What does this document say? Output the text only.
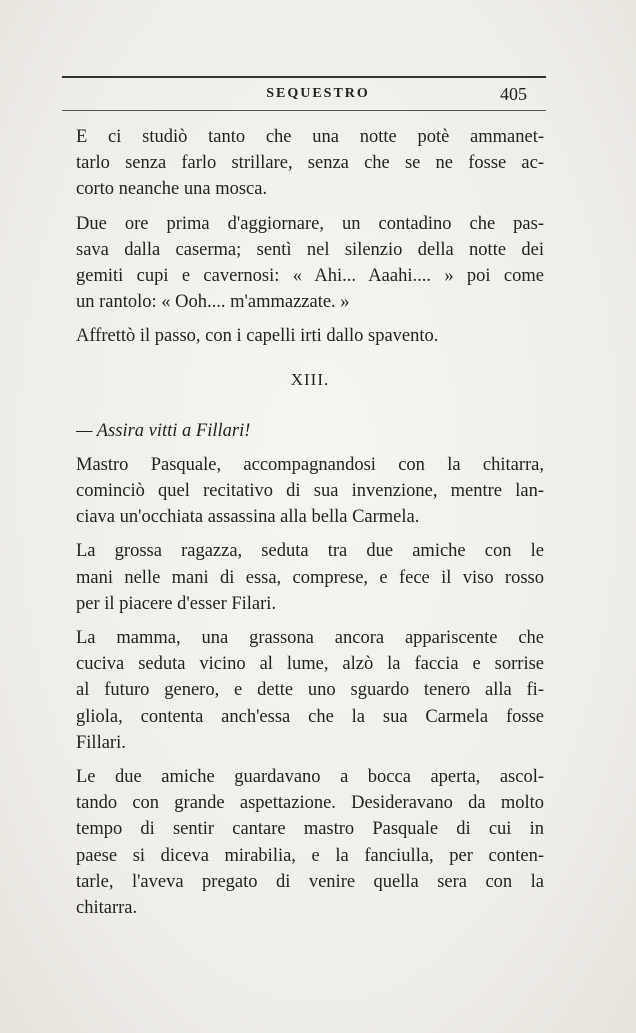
SEQUESTRO	405

E ci studiò tanto che una notte potè ammanet-
tarlo senza farlo strillare, senza che se ne fosse ac-
corto neanche una mosca.

Due ore prima d'aggiornare, un contadino che pas-
sava dalla caserma; sentì nel silenzio della notte dei
gemiti cupi e cavernosi: « Ahi... Aaahi.... » poi come
un rantolo: « Ooh.... m'ammazzate. »

Affrettò il passo, con i capelli irti dallo spavento.

XIII.

— Assira vitti a Fillari!

Mastro Pasquale, accompagnandosi con la chitarra,
cominciò quel recitativo di sua invenzione, mentre lan-
ciava un'occhiata assassina alla bella Carmela.

La grossa ragazza, seduta tra due amiche con le
mani nelle mani di essa, comprese, e fece il viso rosso
per il piacere d'esser Filari.

La mamma, una grassona ancora appariscente che
cuciva seduta vicino al lume, alzò la faccia e sorrise
al futuro genero, e dette uno sguardo tenero alla fi-
gliola, contenta anch'essa che la sua Carmela fosse
Fillari.

Le due amiche guardavano a bocca aperta, ascol-
tando con grande aspettazione. Desideravano da molto
tempo di sentir cantare mastro Pasquale di cui in
paese si diceva mirabilia, e la fanciulla, per conten-
tarle, l'aveva pregato di venire quella sera con la
chitarra.
